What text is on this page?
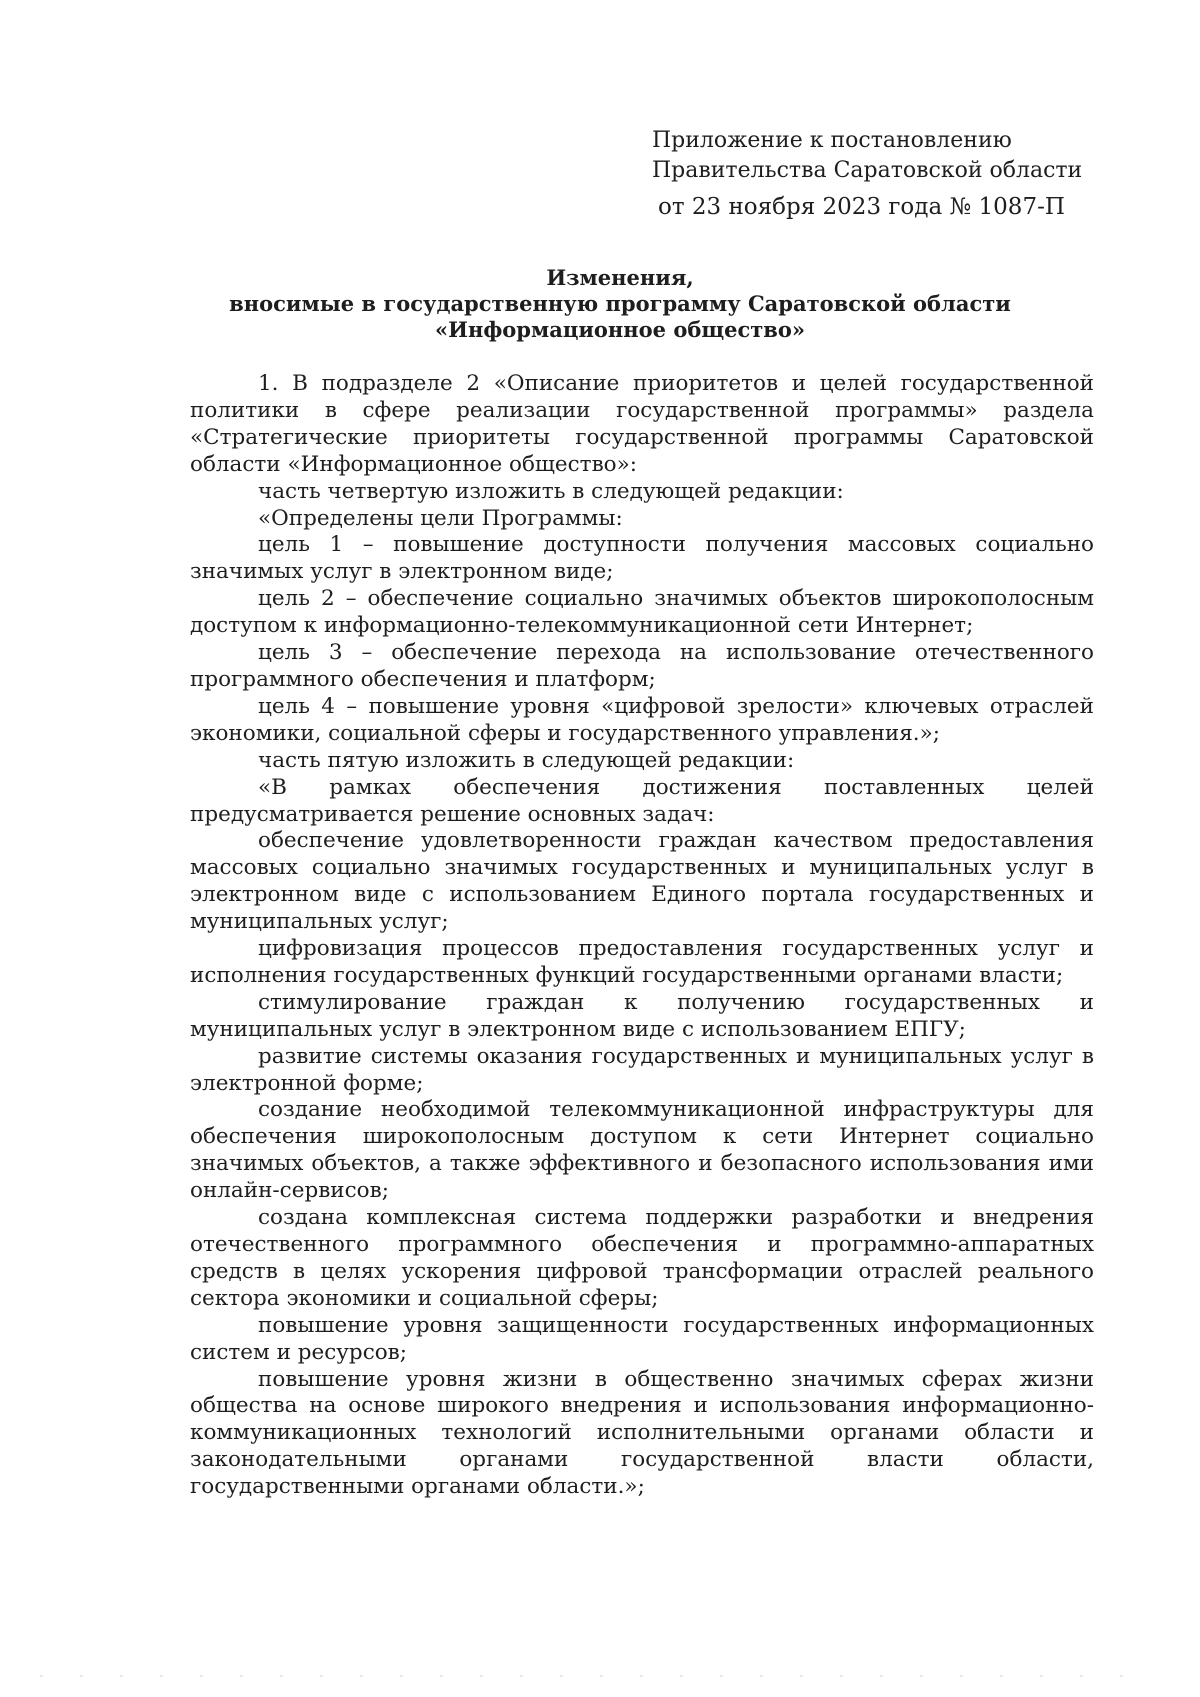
Приложение к постановлению
Правительства Саратовской области
от 23 ноября 2023 года № 1087-П
Изменения,
вносимые в государственную программу Саратовской области
«Информационное общество»

1. В подразделе 2 «Описание приоритетов и целей государственной политики в сфере реализации государственной программы» раздела «Стратегические приоритеты государственной программы Саратовской области «Информационное общество»:

часть четвертую изложить в следующей редакции:

«Определены цели Программы:

цель 1 – повышение доступности получения массовых социально значимых услуг в электронном виде;

цель 2 – обеспечение социально значимых объектов широкополосным доступом к информационно-телекоммуникационной сети Интернет;

цель 3 – обеспечение перехода на использование отечественного программного обеспечения и платформ;

цель 4 – повышение уровня «цифровой зрелости» ключевых отраслей экономики, социальной сферы и государственного управления.»;

часть пятую изложить в следующей редакции:

«В рамках обеспечения достижения поставленных целей предусматривается решение основных задач:

обеспечение удовлетворенности граждан качеством предоставления массовых социально значимых государственных и муниципальных услуг в электронном виде с использованием Единого портала государственных и муниципальных услуг;

цифровизация процессов предоставления государственных услуг и исполнения государственных функций государственными органами власти;

стимулирование граждан к получению государственных и муниципальных услуг в электронном виде с использованием ЕПГУ;

развитие системы оказания государственных и муниципальных услуг в электронной форме;

создание необходимой телекоммуникационной инфраструктуры для обеспечения широкополосным доступом к сети Интернет социально значимых объектов, а также эффективного и безопасного использования ими онлайн-сервисов;

создана комплексная система поддержки разработки и внедрения отечественного программного обеспечения и программно-аппаратных средств в целях ускорения цифровой трансформации отраслей реального сектора экономики и социальной сферы;

повышение уровня защищенности государственных информационных систем и ресурсов;

повышение уровня жизни в общественно значимых сферах жизни общества на основе широкого внедрения и использования информационно-коммуникационных технологий исполнительными органами области и законодательными органами государственной власти области, государственными органами области.»;
